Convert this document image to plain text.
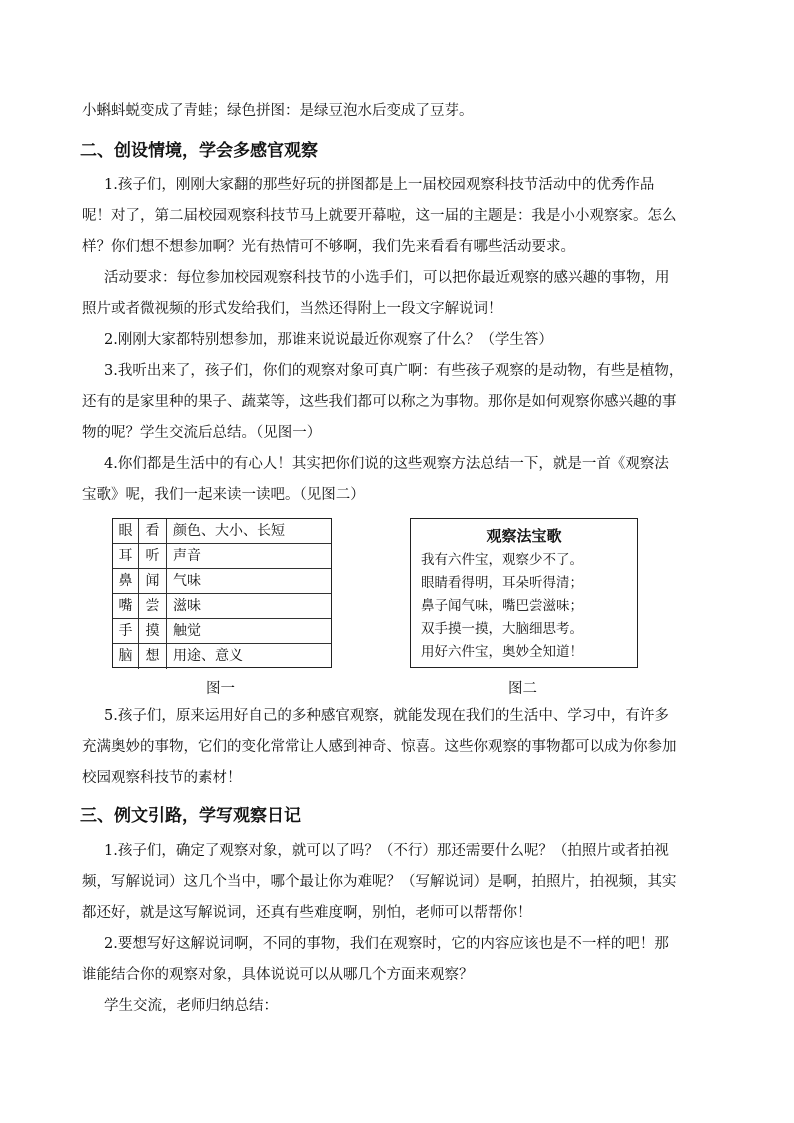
小蝌蚪蜕变成了青蛙；绿色拼图：是绿豆泡水后变成了豆芽。
二、创设情境，学会多感官观察
1.孩子们，刚刚大家翻的那些好玩的拼图都是上一届校园观察科技节活动中的优秀作品
呢！对了，第二届校园观察科技节马上就要开幕啦，这一届的主题是：我是小小观察家。怎么
样？你们想不想参加啊？光有热情可不够啊，我们先来看看有哪些活动要求。
活动要求：每位参加校园观察科技节的小选手们，可以把你最近观察的感兴趣的事物，用
照片或者微视频的形式发给我们，当然还得附上一段文字解说词！
2.刚刚大家都特别想参加，那谁来说说最近你观察了什么？（学生答）
3.我听出来了，孩子们，你们的观察对象可真广啊：有些孩子观察的是动物，有些是植物，
还有的是家里种的果子、蔬菜等，这些我们都可以称之为事物。那你是如何观察你感兴趣的事
物的呢？学生交流后总结。（见图一）
4.你们都是生活中的有心人！其实把你们说的这些观察方法总结一下，就是一首《观察法
宝歌》呢，我们一起来读一读吧。（见图二）
眼 看 颜色、大小、长短
耳 听 声音
鼻 闻 气味
嘴 尝 滋味
手 摸 触觉
脑 想 用途、意义
图一
观察法宝歌
我有六件宝，观察少不了。
眼睛看得明，耳朵听得清；
鼻子闻气味，嘴巴尝滋味；
双手摸一摸，大脑细思考。
用好六件宝，奥妙全知道！
图二
5.孩子们，原来运用好自己的多种感官观察，就能发现在我们的生活中、学习中，有许多
充满奥妙的事物，它们的变化常常让人感到神奇、惊喜。这些你观察的事物都可以成为你参加
校园观察科技节的素材！
三、例文引路，学写观察日记
1.孩子们，确定了观察对象，就可以了吗？（不行）那还需要什么呢？（拍照片或者拍视
频，写解说词）这几个当中，哪个最让你为难呢？（写解说词）是啊，拍照片，拍视频，其实
都还好，就是这写解说词，还真有些难度啊，别怕，老师可以帮帮你！
2.要想写好这解说词啊，不同的事物，我们在观察时，它的内容应该也是不一样的吧！那
谁能结合你的观察对象，具体说说可以从哪几个方面来观察？
学生交流，老师归纳总结：
